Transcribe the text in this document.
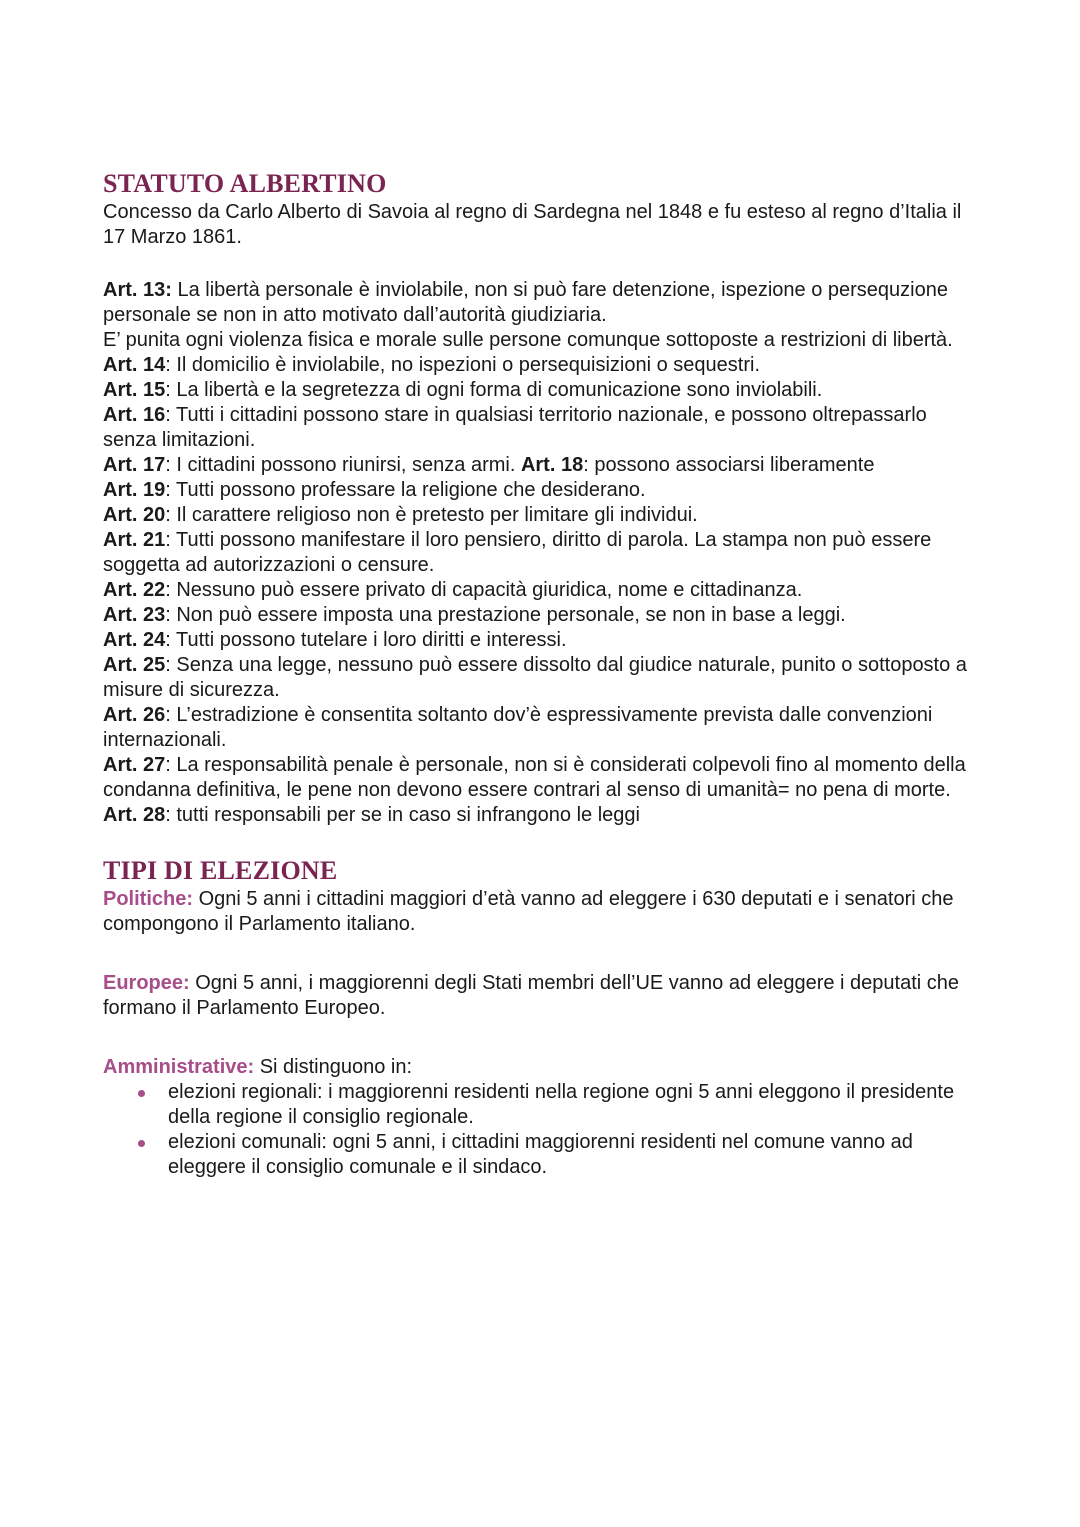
STATUTO ALBERTINO

Concesso da Carlo Alberto di Savoia al regno di Sardegna nel 1848 e fu esteso al regno d’Italia il 17 Marzo 1861.

Art. 13: La libertà personale è inviolabile, non si può fare detenzione, ispezione o persequzione personale se non in atto motivato dall’autorità giudiziaria.

E’ punita ogni violenza fisica e morale sulle persone comunque sottoposte a restrizioni di libertà.

Art. 14: Il domicilio è inviolabile, no ispezioni o persequisizioni o sequestri.

Art. 15: La libertà e la segretezza di ogni forma di comunicazione sono inviolabili.

Art. 16: Tutti i cittadini possono stare in qualsiasi territorio nazionale, e possono oltrepassarlo senza limitazioni.

Art. 17: I cittadini possono riunirsi, senza armi. Art. 18: possono associarsi liberamente

Art. 19: Tutti possono professare la religione che desiderano.

Art. 20: Il carattere religioso non è pretesto per limitare gli individui.

Art. 21: Tutti possono manifestare il loro pensiero, diritto di parola. La stampa non può essere soggetta ad autorizzazioni o censure.

Art. 22: Nessuno può essere privato di capacità giuridica, nome e cittadinanza.

Art. 23: Non può essere imposta una prestazione personale, se non in base a leggi.

Art. 24: Tutti possono tutelare i loro diritti e interessi.

Art. 25: Senza una legge, nessuno può essere dissolto dal giudice naturale, punito o sottoposto a misure di sicurezza.

Art. 26: L’estradizione è consentita soltanto dov’è espressivamente prevista dalle convenzioni internazionali.

Art. 27: La responsabilità penale è personale, non si è considerati colpevoli fino al momento della condanna definitiva, le pene non devono essere contrari al senso di umanità= no pena di morte. Art. 28: tutti responsabili per se in caso si infrangono le leggi

TIPI DI ELEZIONE

Politiche: Ogni 5 anni i cittadini maggiori d’età vanno ad eleggere i 630 deputati e i senatori che compongono il Parlamento italiano.

Europee: Ogni 5 anni, i maggiorenni degli Stati membri dell’UE vanno ad eleggere i deputati che formano il Parlamento Europeo.

Amministrative: Si distinguono in:

elezioni regionali: i maggiorenni residenti nella regione ogni 5 anni eleggono il presidente della regione il consiglio regionale.
elezioni comunali: ogni 5 anni, i cittadini maggiorenni residenti nel comune vanno ad eleggere il consiglio comunale e il sindaco.
